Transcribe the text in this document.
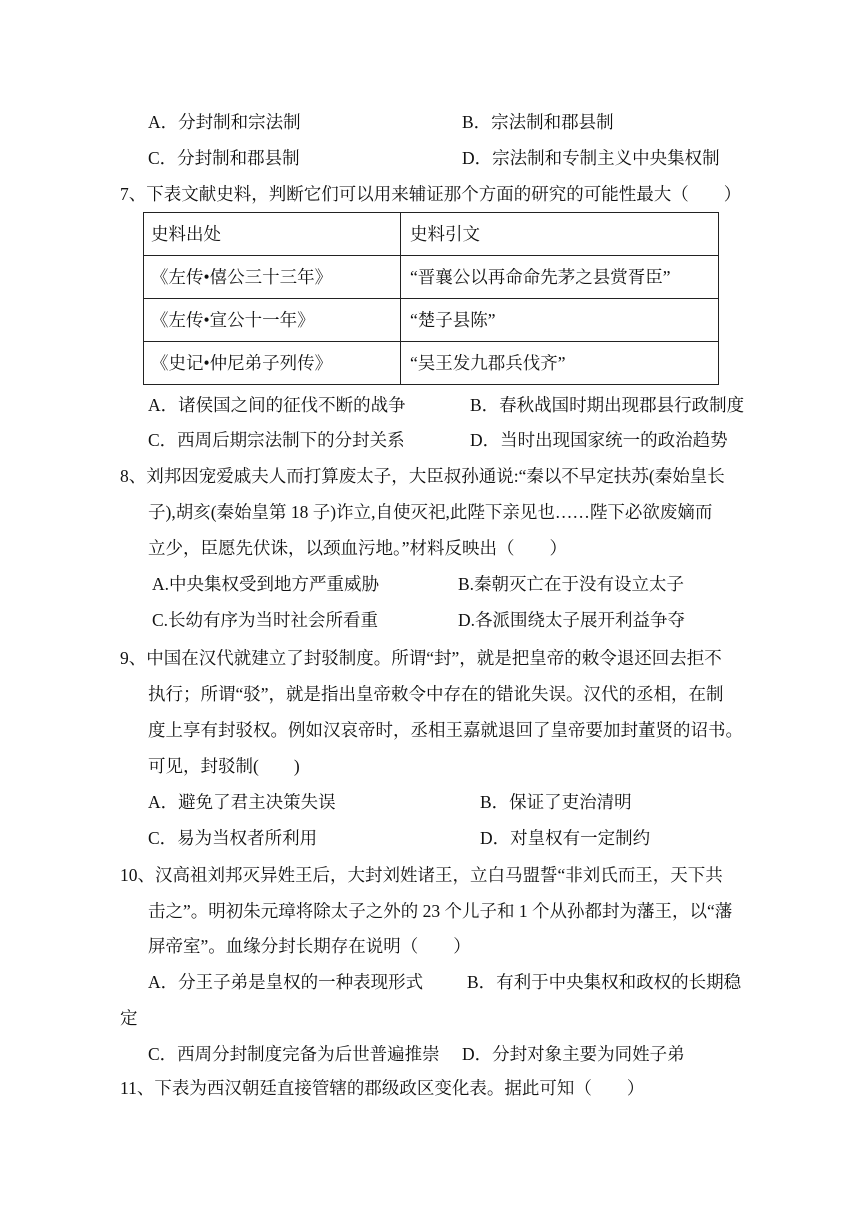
A．分封制和宗法制	B．宗法制和郡县制
C．分封制和郡县制	D．宗法制和专制主义中央集权制
7、下表文献史料，判断它们可以用来辅证那个方面的研究的可能性最大（　　）
史料出处	史料引文
《左传•僖公三十三年》	“晋襄公以再命命先茅之县赏胥臣”
《左传•宣公十一年》	“楚子县陈”
《史记•仲尼弟子列传》	“吴王发九郡兵伐齐”
A．诸侯国之间的征伐不断的战争	B．春秋战国时期出现郡县行政制度
C．西周后期宗法制下的分封关系	D．当时出现国家统一的政治趋势
8、刘邦因宠爱戚夫人而打算废太子，大臣叔孙通说:“秦以不早定扶苏(秦始皇长
子),胡亥(秦始皇第 18 子)诈立,自使灭祀,此陛下亲见也……陛下必欲废嫡而
立少，臣愿先伏诛，以颈血污地。”材料反映出（　　）
A.中央集权受到地方严重威胁	B.秦朝灭亡在于没有设立太子
C.长幼有序为当时社会所看重	D.各派围绕太子展开利益争夺
9、中国在汉代就建立了封驳制度。所谓“封”，就是把皇帝的敕令退还回去拒不
执行；所谓“驳”，就是指出皇帝敕令中存在的错讹失误。汉代的丞相，在制
度上享有封驳权。例如汉哀帝时，丞相王嘉就退回了皇帝要加封董贤的诏书。
可见，封驳制(　　)
A．避免了君主决策失误	B．保证了吏治清明
C．易为当权者所利用	D．对皇权有一定制约
10、汉高祖刘邦灭异姓王后，大封刘姓诸王，立白马盟誓“非刘氏而王，天下共
击之”。明初朱元璋将除太子之外的 23 个儿子和 1 个从孙都封为藩王，以“藩
屏帝室”。血缘分封长期存在说明（　　）
A．分王子弟是皇权的一种表现形式	B．有利于中央集权和政权的长期稳
定
C．西周分封制度完备为后世普遍推崇 D．分封对象主要为同姓子弟
11、下表为西汉朝廷直接管辖的郡级政区变化表。据此可知（　　）
